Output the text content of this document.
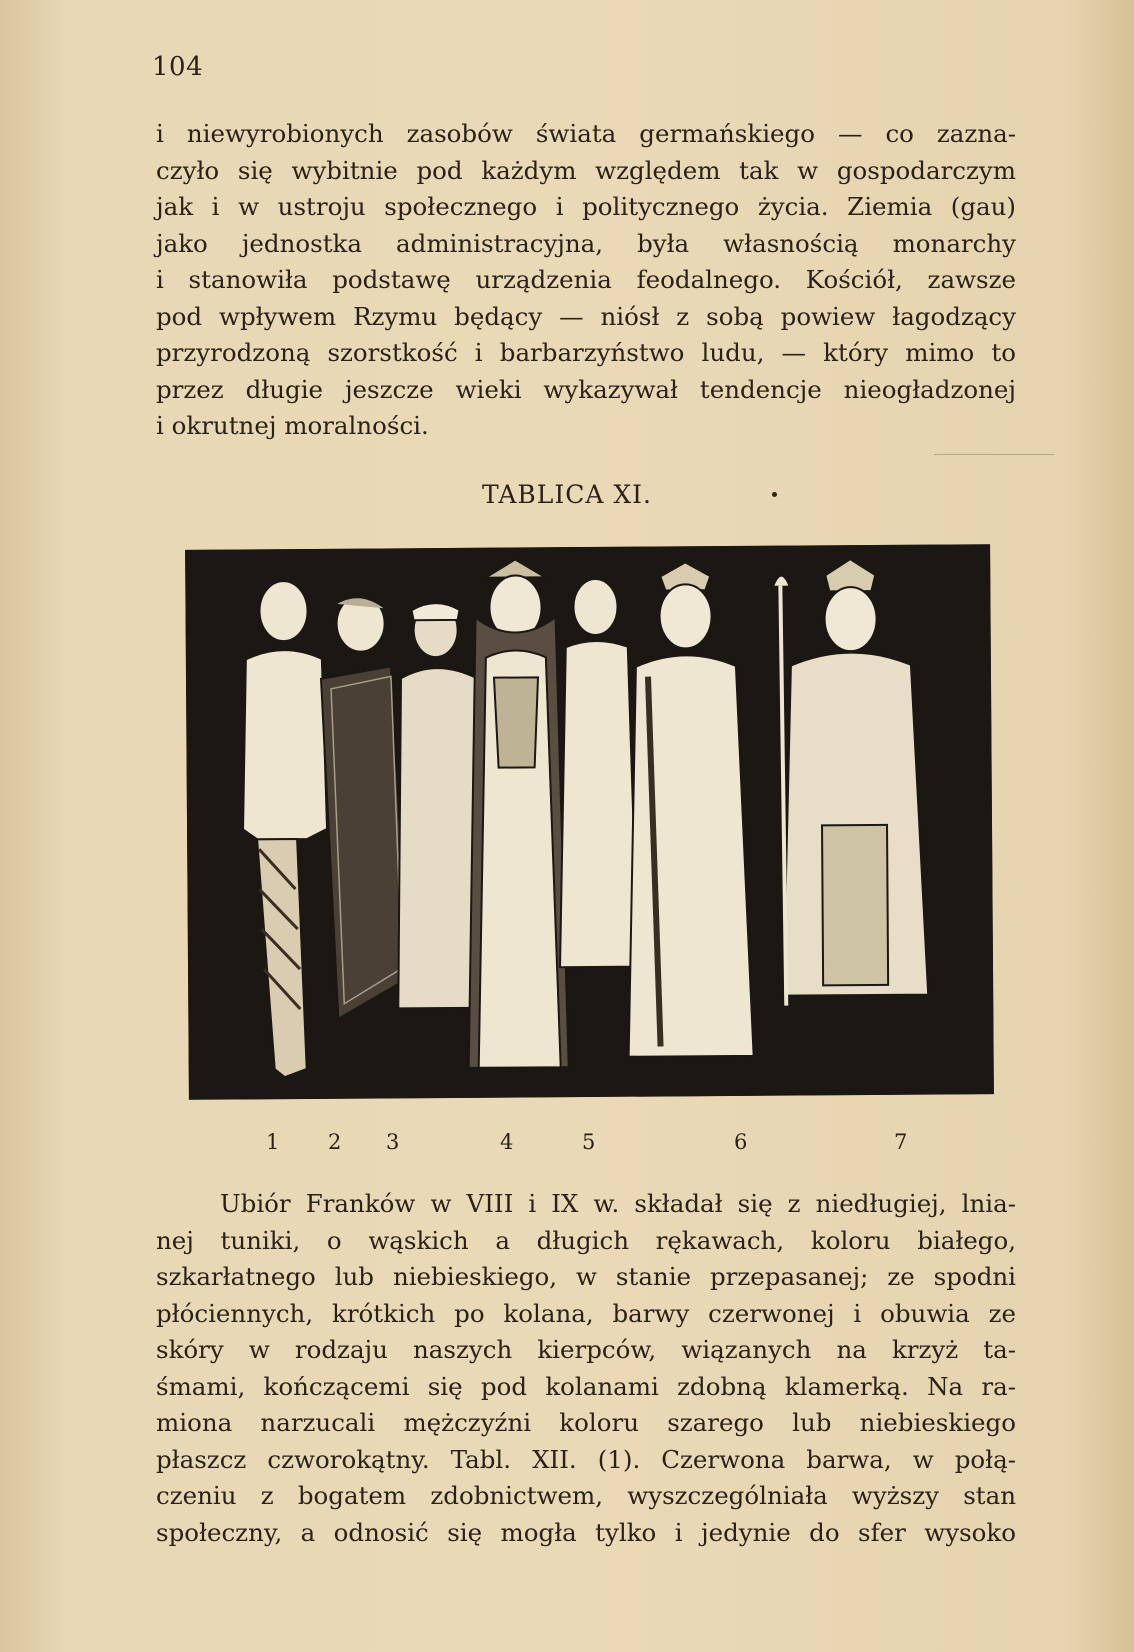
104
i niewyrobionych zasobów świata germańskiego — co zazna-
czyło się wybitnie pod każdym względem tak w gospodarczym
jak i w ustroju społecznego i politycznego życia. Ziemia (gau)
jako jednostka administracyjna, była własnością monarchy
i stanowiła podstawę urządzenia feodalnego. Kościół, zawsze
pod wpływem Rzymu będący — niósł z sobą powiew łagodzący
przyrodzoną szorstkość i barbarzyństwo ludu, — który mimo to
przez długie jeszcze wieki wykazywał tendencje nieogładzonej
i okrutnej moralności.
TABLICA XI.
1 2 3	4	5	6	7
Ubiór Franków w VIII i IX w. składał się z niedługiej, lnia-
nej tuniki, o wąskich a długich rękawach, koloru białego,
szkarłatnego lub niebieskiego, w stanie przepasanej; ze spodni
płóciennych, krótkich po kolana, barwy czerwonej i obuwia ze
skóry w rodzaju naszych kierpców, wiązanych na krzyż ta-
śmami, kończącemi się pod kolanami zdobną klamerką. Na ra-
miona narzucali mężczyźni koloru szarego lub niebieskiego
płaszcz czworokątny. Tabl. XII. (1). Czerwona barwa, w połą-
czeniu z bogatem zdobnictwem, wyszczególniała wyższy stan
społeczny, a odnosić się mogła tylko i jedynie do sfer wysoko
